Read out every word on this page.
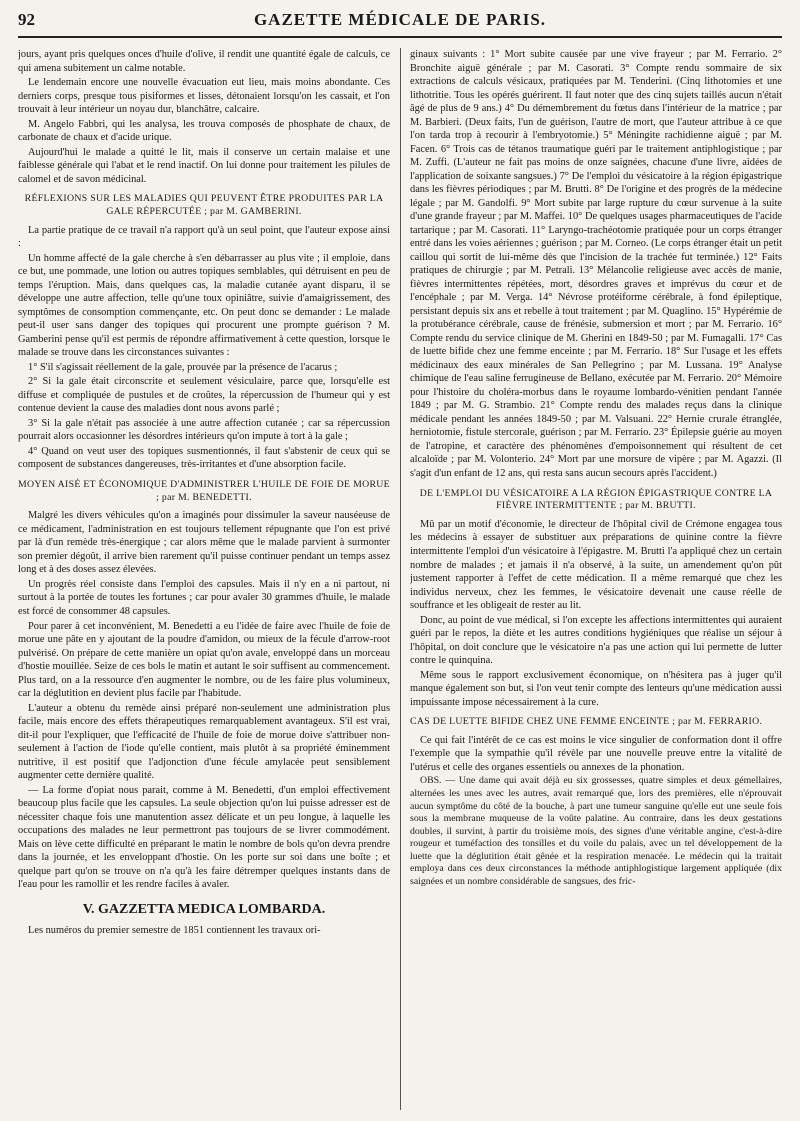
92	GAZETTE MÉDICALE DE PARIS.

jours, ayant pris quelques onces d'huile d'olive, il rendit une quantité égale de calculs, ce qui amena subitement un calme notable.

Le lendemain encore une nouvelle évacuation eut lieu, mais moins abondante. Ces derniers corps, presque tous pisiformes et lisses, détonaient lorsqu'on les cassait, et l'on trouvait à leur intérieur un noyau dur, blanchâtre, calcaire.

M. Angelo Fabbri, qui les analysa, les trouva composés de phosphate de chaux, de carbonate de chaux et d'acide urique.

Aujourd'hui le malade a quitté le lit, mais il conserve un certain malaise et une faiblesse générale qui l'abat et le rend inactif. On lui donne pour traitement les pilules de calomel et de savon médicinal.

RÉFLEXIONS SUR LES MALADIES QUI PEUVENT ÊTRE PRODUITES PAR LA GALE RÉPERCUTÉE ; par M. GAMBERINI.

La partie pratique de ce travail n'a rapport qu'à un seul point, que l'auteur expose ainsi :

Un homme affecté de la gale cherche à s'en débarrasser au plus vite ; il emploie, dans ce but, une pommade, une lotion ou autres topiques semblables, qui détruisent en peu de temps l'éruption. Mais, dans quelques cas, la maladie cutanée ayant disparu, il se développe une autre affection, telle qu'une toux opiniâtre, suivie d'amaigrissement, des symptômes de consomption commençante, etc. On peut donc se demander : Le malade peut-il user sans danger des topiques qui procurent une prompte guérison ? M. Gamberini pense qu'il est permis de répondre affirmativement à cette question, lorsque le malade se trouve dans les circonstances suivantes :

1° S'il s'agissait réellement de la gale, prouvée par la présence de l'acarus ;

2° Si la gale était circonscrite et seulement vésiculaire, parce que, lorsqu'elle est diffuse et compliquée de pustules et de croûtes, la répercussion de l'humeur qui y est contenue devient la cause des maladies dont nous avons parlé ;

3° Si la gale n'était pas associée à une autre affection cutanée ; car sa répercussion pourrait alors occasionner les désordres intérieurs qu'on impute à tort à la gale ;

4° Quand on veut user des topiques susmentionnés, il faut s'abstenir de ceux qui se composent de substances dangereuses, très-irritantes et d'une absorption facile.

MOYEN AISÉ ET ÉCONOMIQUE D'ADMINISTRER L'HUILE DE FOIE DE MORUE ; par M. BENEDETTI.

Malgré les divers véhicules qu'on a imaginés pour dissimuler la saveur nauséeuse de ce médicament, l'administration en est toujours tellement répugnante que l'on est privé par là d'un remède très-énergique ; car alors même que le malade parvient à surmonter son premier dégoût, il arrive bien rarement qu'il puisse continuer pendant un temps assez long et à des doses assez élevées.

Un progrès réel consiste dans l'emploi des capsules. Mais il n'y en a ni partout, ni surtout à la portée de toutes les fortunes ; car pour avaler 30 grammes d'huile, le malade est forcé de consommer 48 capsules.

Pour parer à cet inconvénient, M. Benedetti a eu l'idée de faire avec l'huile de foie de morue une pâte en y ajoutant de la poudre d'amidon, ou mieux de la fécule d'arrow-root pulvérisé. On prépare de cette manière un opiat qu'on avale, enveloppé dans un morceau d'hostie mouillée. Seize de ces bols le matin et autant le soir suffisent au commencement. Plus tard, on a la ressource d'en augmenter le nombre, ou de les faire plus volumineux, car la déglutition en devient plus facile par l'habitude.

L'auteur a obtenu du remède ainsi préparé non-seulement une administration plus facile, mais encore des effets thérapeutiques remarquablement avantageux. S'il est vrai, dit-il pour l'expliquer, que l'efficacité de l'huile de foie de morue doive s'attribuer non-seulement à l'action de l'iode qu'elle contient, mais plutôt à sa propriété éminemment nutritive, il est positif que l'adjonction d'une fécule amylacée peut sensiblement augmenter cette dernière qualité.

— La forme d'opiat nous parait, comme à M. Benedetti, d'un emploi effectivement beaucoup plus facile que les capsules. La seule objection qu'on lui puisse adresser est de nécessiter chaque fois une manutention assez délicate et un peu longue, à laquelle les occupations des malades ne leur permettront pas toujours de se livrer commodément. Mais on lève cette difficulté en préparant le matin le nombre de bols qu'on devra prendre dans la journée, et les enveloppant d'hostie. On les porte sur soi dans une boîte ; et quelque part qu'on se trouve on n'a qu'à les faire détremper quelques instants dans de l'eau pour les ramollir et les rendre faciles à avaler.

V. GAZZETTA MEDICA LOMBARDA.

Les numéros du premier semestre de 1851 contiennent les travaux ori-

ginaux suivants : 1° Mort subite causée par une vive frayeur ; par M. Ferrario. 2° Bronchite aiguë générale ; par M. Casorati. 3° Compte rendu sommaire de six extractions de calculs vésicaux, pratiquées par M. Tenderini. (Cinq lithotomies et une lithotritie. Tous les opérés guérirent. Il faut noter que des cinq sujets taillés aucun n'était âgé de plus de 9 ans.) 4° Du démembrement du fœtus dans l'intérieur de la matrice ; par M. Barbieri. (Deux faits, l'un de guérison, l'autre de mort, que l'auteur attribue à ce que l'on tarda trop à recourir à l'embryotomie.) 5° Méningite rachidienne aiguë ; par M. Facen. 6° Trois cas de tétanos traumatique guéri par le traitement antiphlogistique ; par M. Zuffi. (L'auteur ne fait pas moins de onze saignées, chacune d'une livre, aidées de l'application de soixante sangsues.) 7° De l'emploi du vésicatoire à la région épigastrique dans les fièvres périodiques ; par M. Brutti. 8° De l'origine et des progrès de la médecine légale ; par M. Gandolfi. 9° Mort subite par large rupture du cœur survenue à la suite d'une grande frayeur ; par M. Maffei. 10° De quelques usages pharmaceutiques de l'acide tartarique ; par M. Casorati. 11° Laryngo-trachéotomie pratiquée pour un corps étranger entré dans les voies aériennes ; guérison ; par M. Corneo. (Le corps étranger était un petit caillou qui sortit de lui-même dès que l'incision de la trachée fut terminée.) 12° Faits pratiques de chirurgie ; par M. Petrali. 13° Mélancolie religieuse avec accès de manie, fièvres intermittentes répétées, mort, désordres graves et imprévus du cœur et de l'encéphale ; par M. Verga. 14° Névrose protéiforme cérébrale, à fond épileptique, persistant depuis six ans et rebelle à tout traitement ; par M. Quaglino. 15° Hypérémie de la protubérance cérébrale, cause de frénésie, submersion et mort ; par M. Ferrario. 16° Compte rendu du service clinique de M. Gherini en 1849-50 ; par M. Fumagalli. 17° Cas de luette bifide chez une femme enceinte ; par M. Ferrario. 18° Sur l'usage et les effets médicinaux des eaux minérales de San Pellegrino ; par M. Lussana. 19° Analyse chimique de l'eau saline ferrugineuse de Bellano, exécutée par M. Ferrario. 20° Mémoire pour l'histoire du choléra-morbus dans le royaume lombardo-vénitien pendant l'année 1849 ; par M. G. Strambio. 21° Compte rendu des malades reçus dans la clinique médicale pendant les années 1849-50 ; par M. Valsuani. 22° Hernie crurale étranglée, herniotomie, fistule stercorale, guérison ; par M. Ferrario. 23° Épilepsie guérie au moyen de l'atropine, et caractère des phénomènes d'empoisonnement qui résultent de cet alcaloïde ; par M. Volonterio. 24° Mort par une morsure de vipère ; par M. Agazzi. (Il s'agit d'un enfant de 12 ans, qui resta sans aucun secours après l'accident.)

DE L'EMPLOI DU VÉSICATOIRE A LA RÉGION ÉPIGASTRIQUE CONTRE LA FIÈVRE INTERMITTENTE ; par M. BRUTTI.

Mû par un motif d'économie, le directeur de l'hôpital civil de Crémone engagea tous les médecins à essayer de substituer aux préparations de quinine contre la fièvre intermittente l'emploi d'un vésicatoire à l'épigastre. M. Brutti l'a appliqué chez un certain nombre de malades ; et jamais il n'a observé, à la suite, un amendement qu'on pût justement rapporter à l'effet de cette médication. Il a même remarqué que chez les individus nerveux, chez les femmes, le vésicatoire devenait une cause réelle de souffrance et les obligeait de rester au lit.

Donc, au point de vue médical, si l'on excepte les affections intermittentes qui auraient guéri par le repos, la diète et les autres conditions hygiéniques que réalise un séjour à l'hôpital, on doit conclure que le vésicatoire n'a pas une action qui lui permette de lutter contre le quinquina.

Même sous le rapport exclusivement économique, on n'hésitera pas à juger qu'il manque également son but, si l'on veut tenir compte des lenteurs qu'une médication aussi impuissante impose nécessairement à la cure.

CAS DE LUETTE BIFIDE CHEZ UNE FEMME ENCEINTE ; par M. FERRARIO.

Ce qui fait l'intérêt de ce cas est moins le vice singulier de conformation dont il offre l'exemple que la sympathie qu'il révèle par une nouvelle preuve entre la vitalité de l'utérus et celle des organes essentiels ou annexes de la phonation.

OBS. — Une dame qui avait déjà eu six grossesses, quatre simples et deux gémellaires, alternées les unes avec les autres, avait remarqué que, lors des premières, elle n'éprouvait aucun symptôme du côté de la bouche, à part une tumeur sanguine qu'elle eut une seule fois sous la membrane muqueuse de la voûte palatine. Au contraire, dans les deux gestations doubles, il survint, à partir du troisième mois, des signes d'une véritable angine, c'est-à-dire rougeur et tuméfaction des tonsilles et du voile du palais, avec un tel développement de la luette que la déglutition était gênée et la respiration menacée. Le médecin qui la traitait employa dans ces deux circonstances la méthode antiphlogistique largement appliquée (dix saignées et un nombre considérable de sangsues, des fric-
